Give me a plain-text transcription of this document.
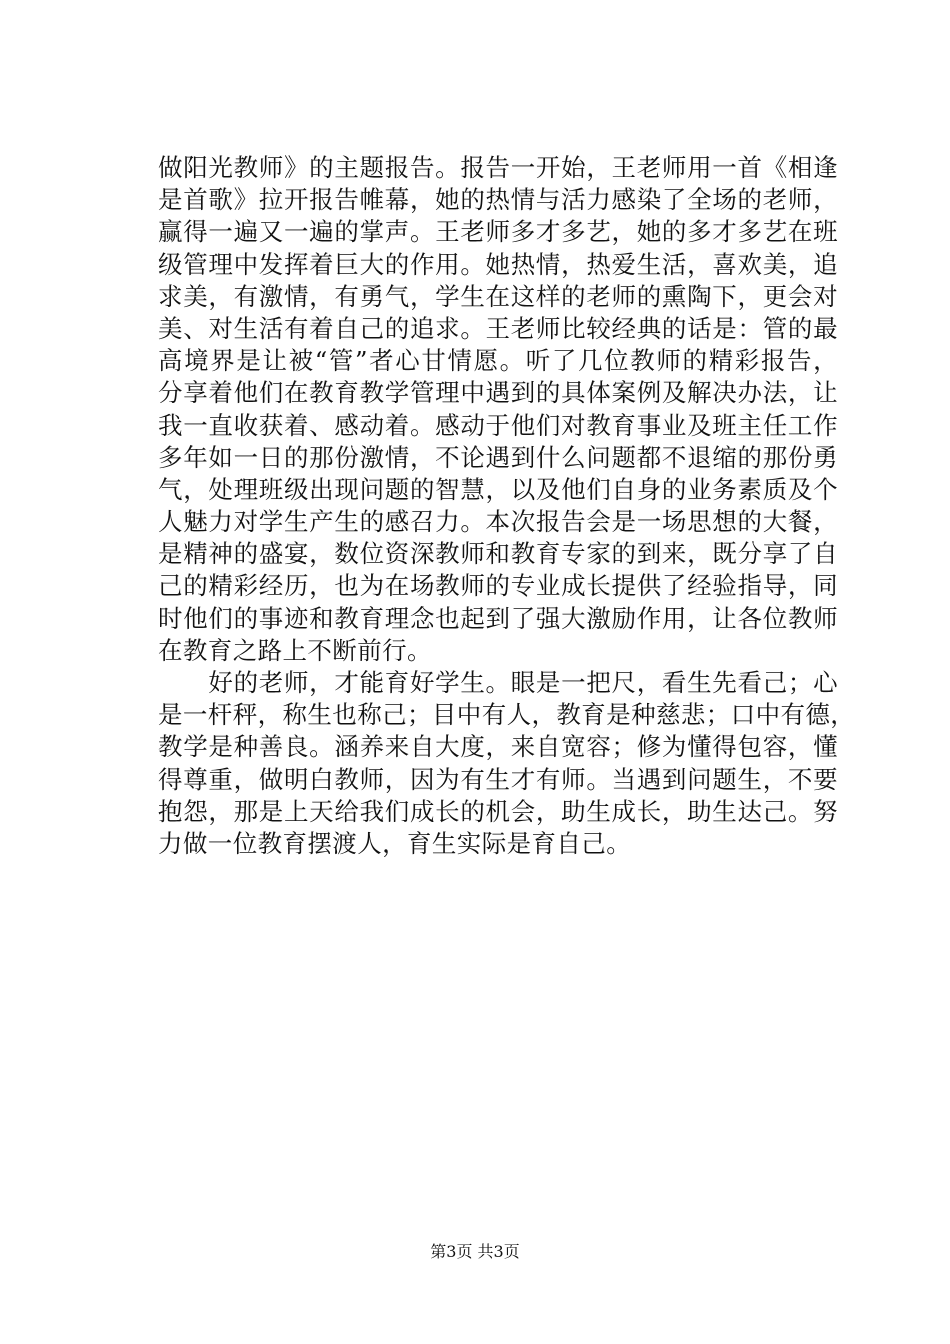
做阳光教师》的主题报告。报告一开始，王老师用一首《相逢
是首歌》拉开报告帷幕，她的热情与活力感染了全场的老师，
赢得一遍又一遍的掌声。王老师多才多艺，她的多才多艺在班
级管理中发挥着巨大的作用。她热情，热爱生活，喜欢美，追
求美，有激情，有勇气，学生在这样的老师的熏陶下，更会对
美、对生活有着自己的追求。王老师比较经典的话是：管的最
高境界是让被“管”者心甘情愿。听了几位教师的精彩报告，
分享着他们在教育教学管理中遇到的具体案例及解决办法，让
我一直收获着、感动着。感动于他们对教育事业及班主任工作
多年如一日的那份激情，不论遇到什么问题都不退缩的那份勇
气，处理班级出现问题的智慧，以及他们自身的业务素质及个
人魅力对学生产生的感召力。本次报告会是一场思想的大餐，
是精神的盛宴，数位资深教师和教育专家的到来，既分享了自
己的精彩经历，也为在场教师的专业成长提供了经验指导，同
时他们的事迹和教育理念也起到了强大激励作用，让各位教师
在教育之路上不断前行。
　　好的老师，才能育好学生。眼是一把尺，看生先看己；心
是一杆秤，称生也称己；目中有人，教育是种慈悲；口中有德，
教学是种善良。涵养来自大度，来自宽容；修为懂得包容，懂
得尊重，做明白教师，因为有生才有师。当遇到问题生，不要
抱怨，那是上天给我们成长的机会，助生成长，助生达己。努
力做一位教育摆渡人，育生实际是育自己。
第3页 共3页
